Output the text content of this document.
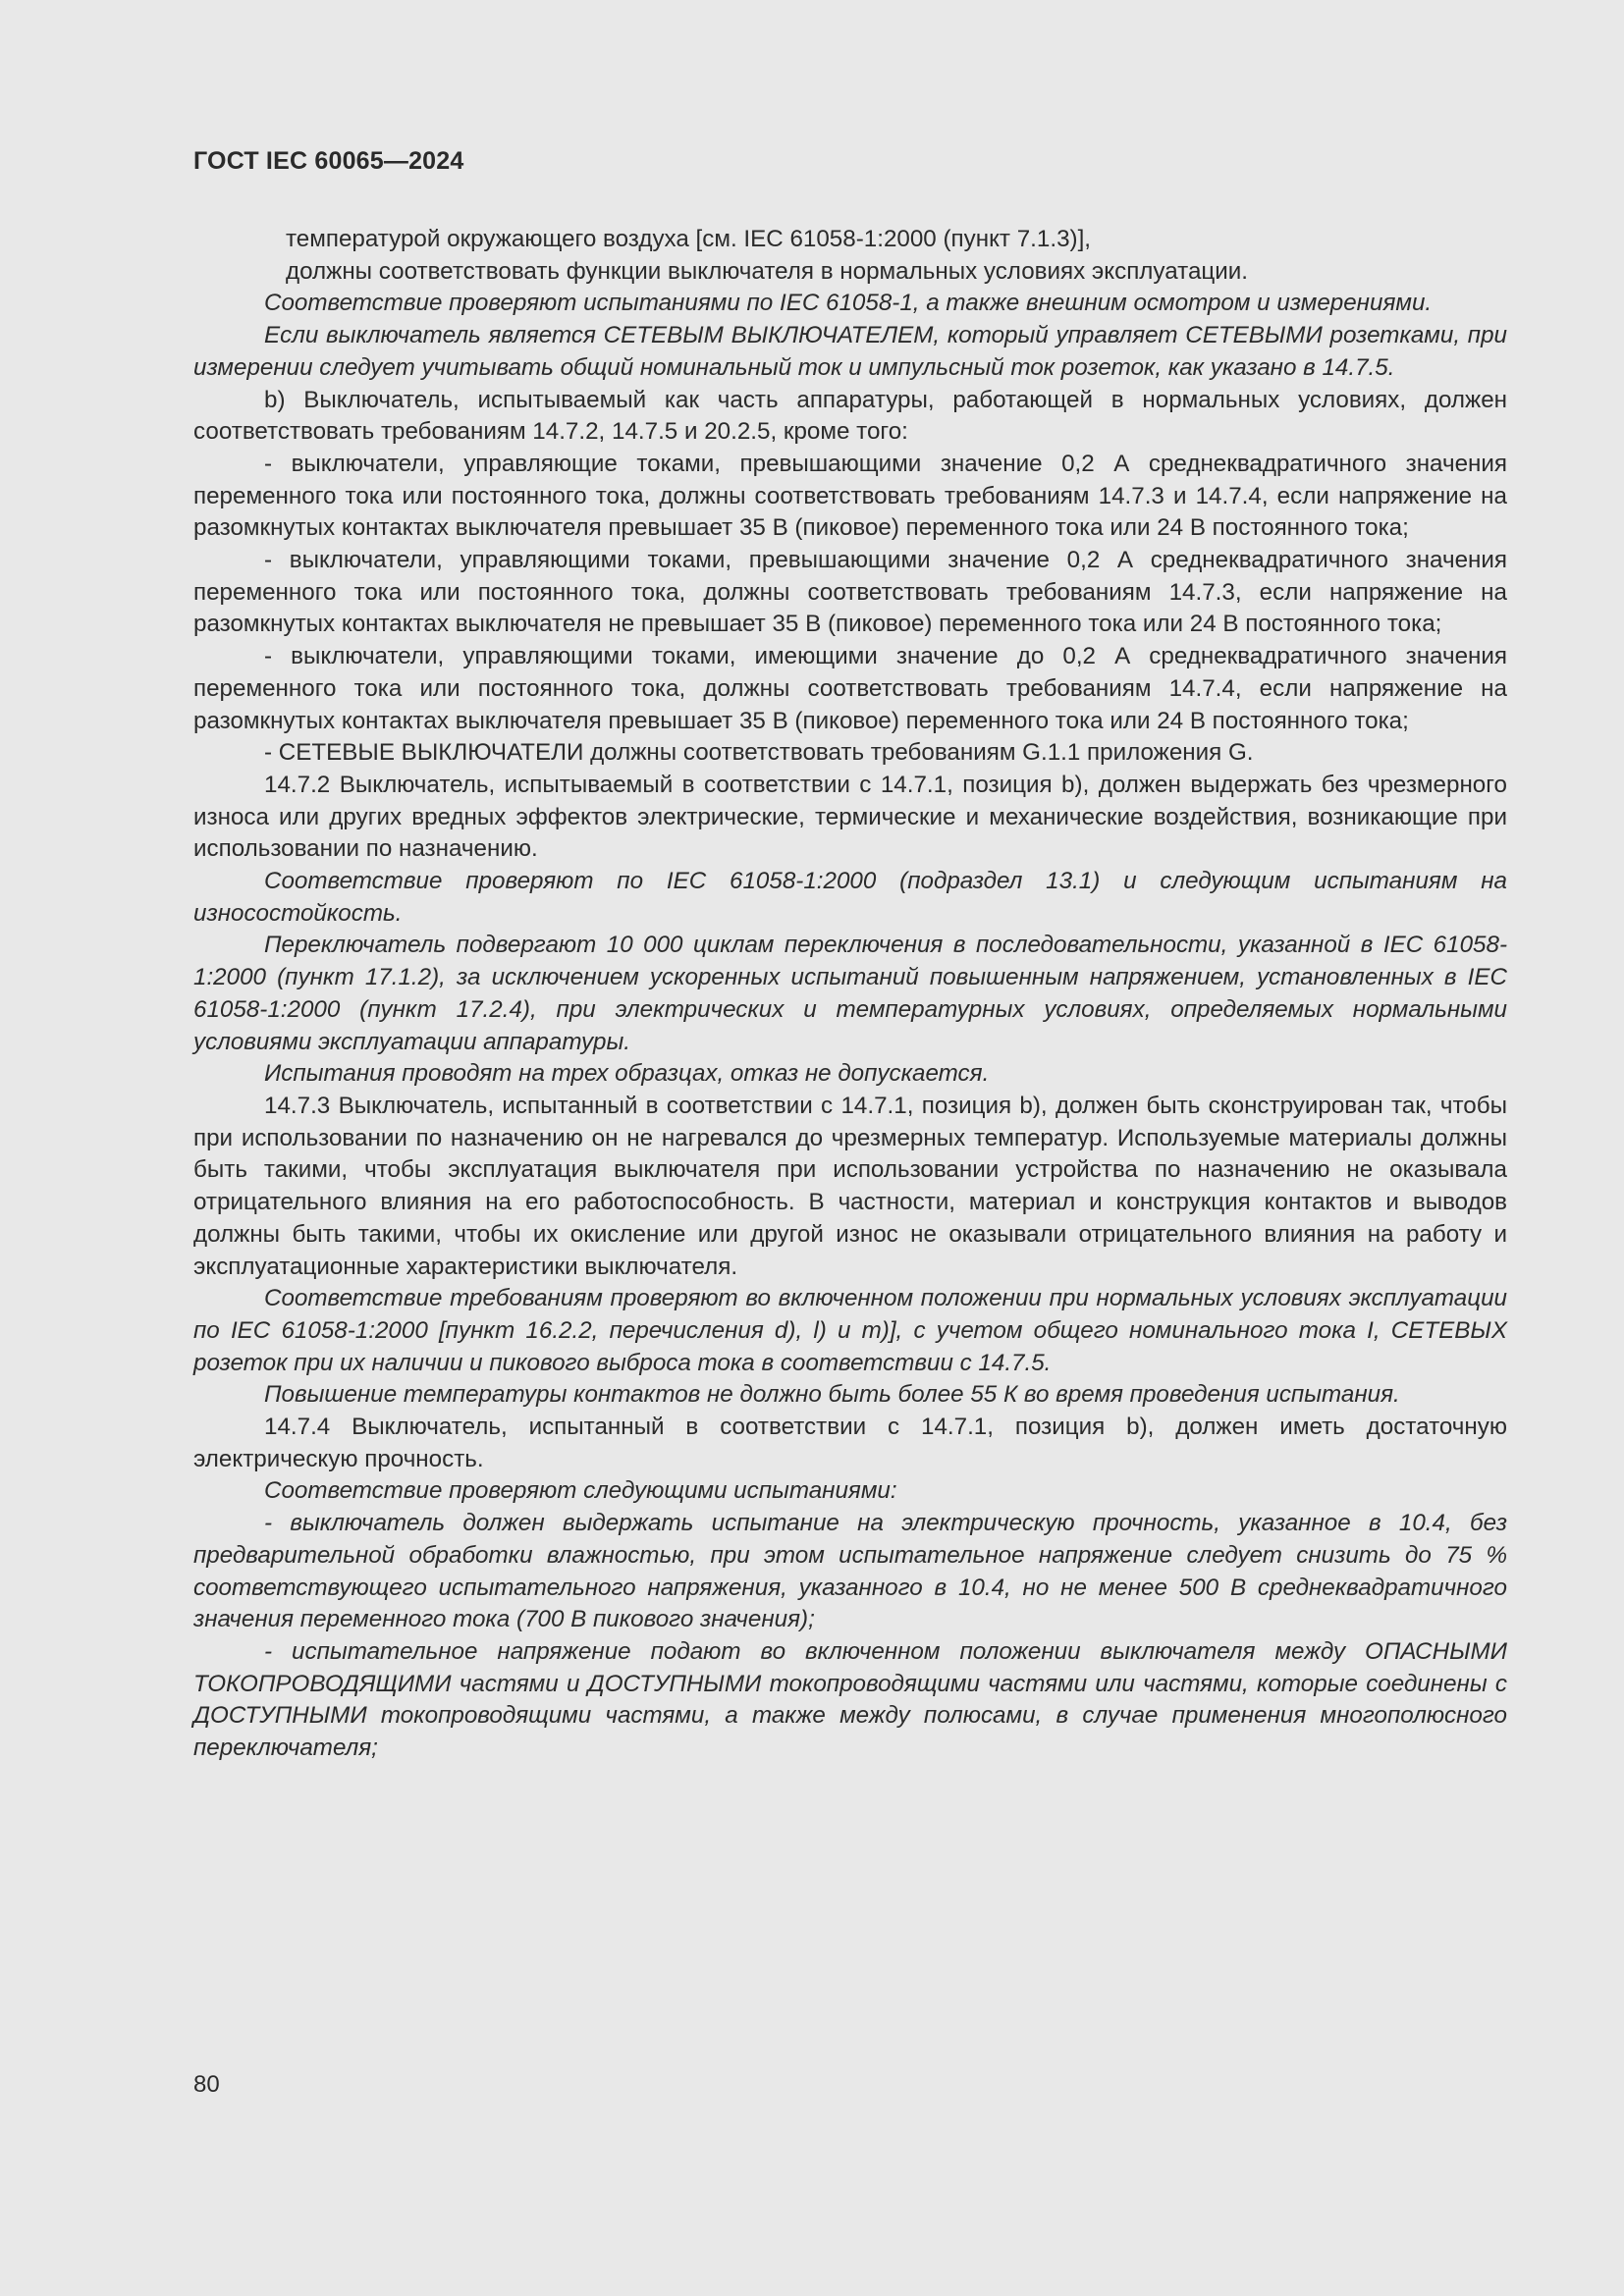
ГОСТ IEC 60065—2024

температурой окружающего воздуха [см. IEC 61058-1:2000 (пункт 7.1.3)],

должны соответствовать функции выключателя в нормальных условиях эксплуатации.

Соответствие проверяют испытаниями по IEC 61058-1, а также внешним осмотром и измерениями.

Если выключатель является СЕТЕВЫМ ВЫКЛЮЧАТЕЛЕМ, который управляет СЕТЕВЫМИ розетками, при измерении следует учитывать общий номинальный ток и импульсный ток розеток, как указано в 14.7.5.

b) Выключатель, испытываемый как часть аппаратуры, работающей в нормальных условиях, должен соответствовать требованиям 14.7.2, 14.7.5 и 20.2.5, кроме того:

- выключатели, управляющие токами, превышающими значение 0,2 А среднеквадратичного значения переменного тока или постоянного тока, должны соответствовать требованиям 14.7.3 и 14.7.4, если напряжение на разомкнутых контактах выключателя превышает 35 В (пиковое) переменного тока или 24 В постоянного тока;

- выключатели, управляющими токами, превышающими значение 0,2 А среднеквадратичного значения переменного тока или постоянного тока, должны соответствовать требованиям 14.7.3, если напряжение на разомкнутых контактах выключателя не превышает 35 В (пиковое) переменного тока или 24 В постоянного тока;

- выключатели, управляющими токами, имеющими значение до 0,2 А среднеквадратичного значения переменного тока или постоянного тока, должны соответствовать требованиям 14.7.4, если напряжение на разомкнутых контактах выключателя превышает 35 В (пиковое) переменного тока или 24 В постоянного тока;

- СЕТЕВЫЕ ВЫКЛЮЧАТЕЛИ должны соответствовать требованиям G.1.1 приложения G.

14.7.2 Выключатель, испытываемый в соответствии с 14.7.1, позиция b), должен выдержать без чрезмерного износа или других вредных эффектов электрические, термические и механические воздействия, возникающие при использовании по назначению.

Соответствие проверяют по IEC 61058-1:2000 (подраздел 13.1) и следующим испытаниям на износостойкость.

Переключатель подвергают 10 000 циклам переключения в последовательности, указанной в IEC 61058-1:2000 (пункт 17.1.2), за исключением ускоренных испытаний повышенным напряжением, установленных в IEC 61058-1:2000 (пункт 17.2.4), при электрических и температурных условиях, определяемых нормальными условиями эксплуатации аппаратуры.

Испытания проводят на трех образцах, отказ не допускается.

14.7.3 Выключатель, испытанный в соответствии с 14.7.1, позиция b), должен быть сконструирован так, чтобы при использовании по назначению он не нагревался до чрезмерных температур. Используемые материалы должны быть такими, чтобы эксплуатация выключателя при использовании устройства по назначению не оказывала отрицательного влияния на его работоспособность. В частности, материал и конструкция контактов и выводов должны быть такими, чтобы их окисление или другой износ не оказывали отрицательного влияния на работу и эксплуатационные характеристики выключателя.

Соответствие требованиям проверяют во включенном положении при нормальных условиях эксплуатации по IEC 61058-1:2000 [пункт 16.2.2, перечисления d), l) и m)], с учетом общего номинального тока I, СЕТЕВЫХ розеток при их наличии и пикового выброса тока в соответствии с 14.7.5.

Повышение температуры контактов не должно быть более 55 К во время проведения испытания.

14.7.4 Выключатель, испытанный в соответствии с 14.7.1, позиция b), должен иметь достаточную электрическую прочность.

Соответствие проверяют следующими испытаниями:

- выключатель должен выдержать испытание на электрическую прочность, указанное в 10.4, без предварительной обработки влажностью, при этом испытательное напряжение следует снизить до 75 % соответствующего испытательного напряжения, указанного в 10.4, но не менее 500 В среднеквадратичного значения переменного тока (700 В пикового значения);

- испытательное напряжение подают во включенном положении выключателя между ОПАСНЫМИ ТОКОПРОВОДЯЩИМИ частями и ДОСТУПНЫМИ токопроводящими частями или частями, которые соединены с ДОСТУПНЫМИ токопроводящими частями, а также между полюсами, в случае применения многополюсного переключателя;

80
